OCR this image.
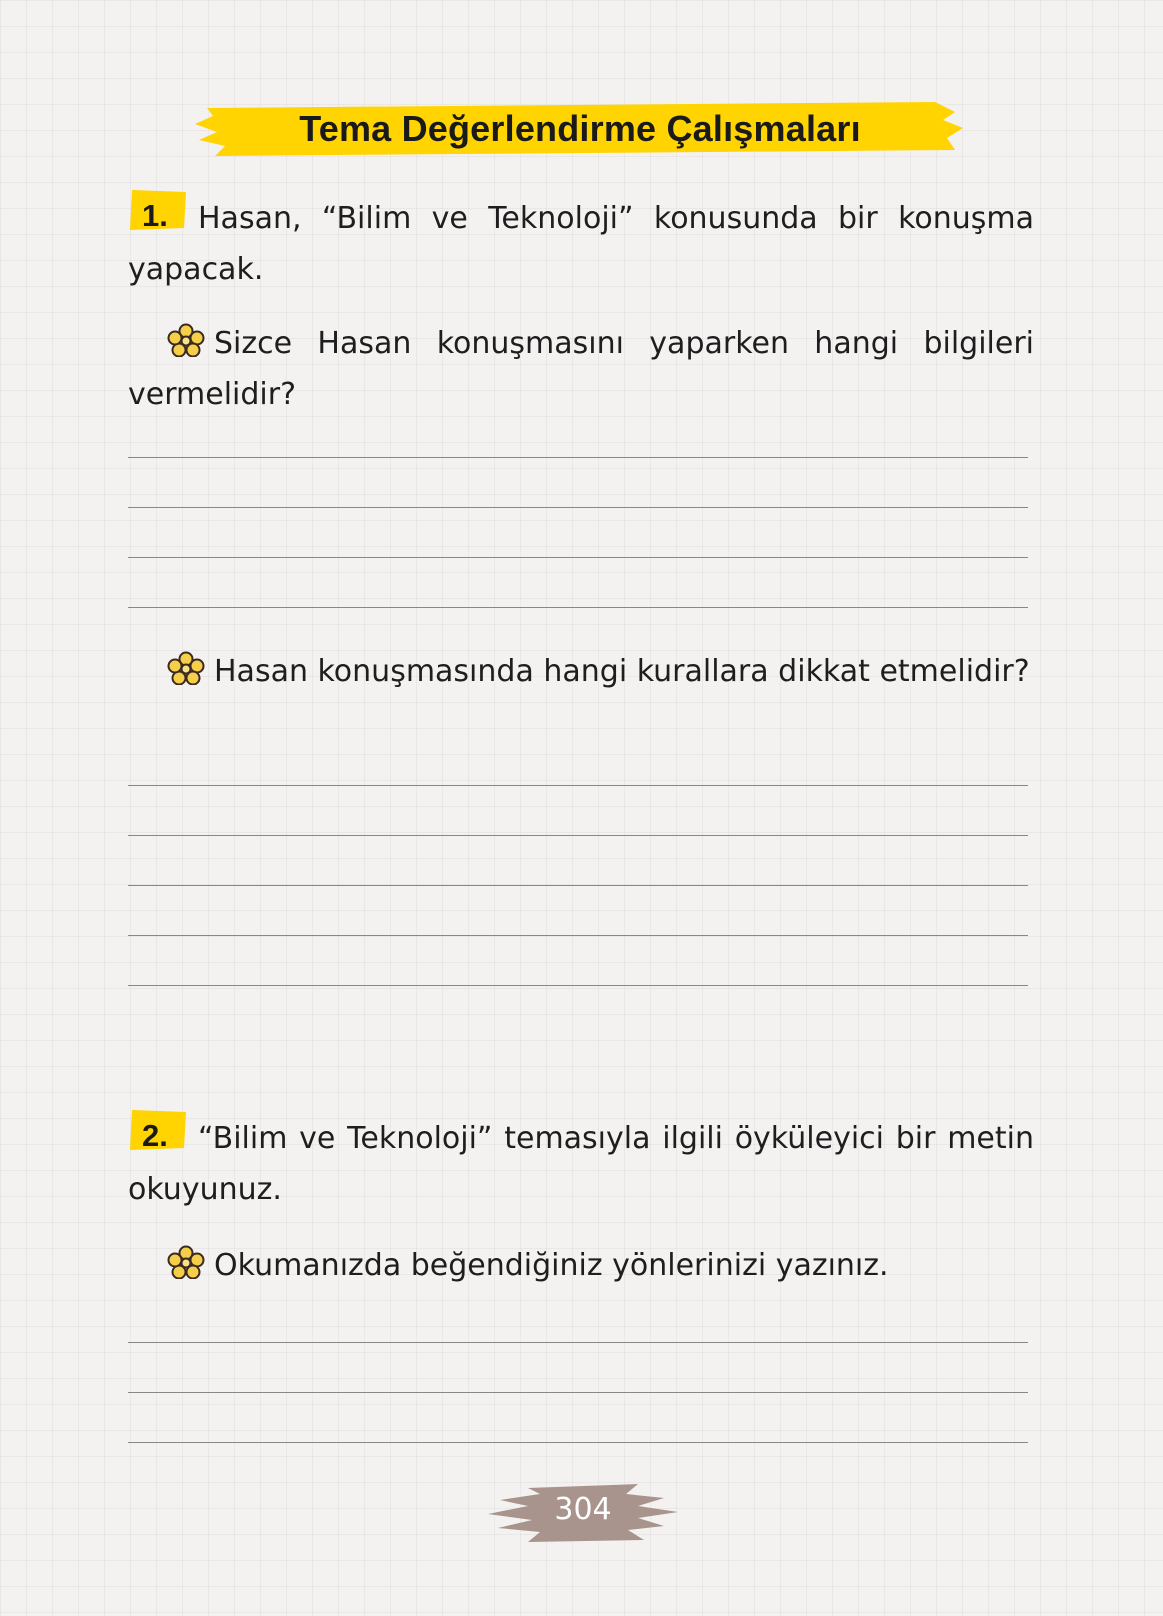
Tema Değerlendirme Çalışmaları
1. Hasan, “Bilim ve Teknoloji” konusunda bir konuşma yapacak.
Sizce Hasan konuşmasını yaparken hangi bilgileri vermelidir?
Hasan konuşmasında hangi kurallara dikkat etmelidir?
2. “Bilim ve Teknoloji” temasıyla ilgili öyküleyici bir metin okuyunuz.
Okumanızda beğendiğiniz yönlerinizi yazınız.
304
